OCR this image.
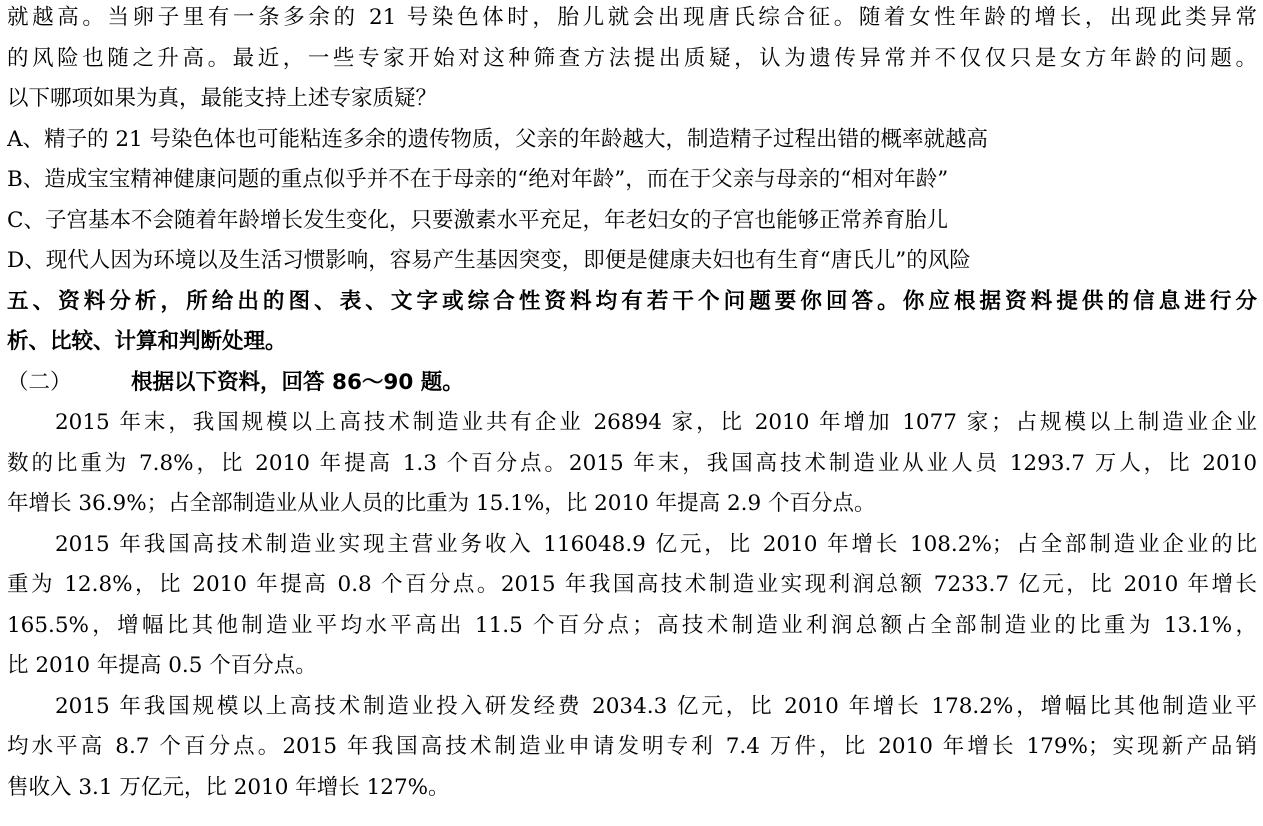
就越高。当卵子里有一条多余的 21 号染色体时，胎儿就会出现唐氏综合征。随着女性年龄的增长，出现此类异常
的风险也随之升高。最近，一些专家开始对这种筛查方法提出质疑，认为遗传异常并不仅仅只是女方年龄的问题。
以下哪项如果为真，最能支持上述专家质疑？
A、精子的 21 号染色体也可能粘连多余的遗传物质，父亲的年龄越大，制造精子过程出错的概率就越高
B、造成宝宝精神健康问题的重点似乎并不在于母亲的“绝对年龄”，而在于父亲与母亲的“相对年龄”
C、子宫基本不会随着年龄增长发生变化，只要激素水平充足，年老妇女的子宫也能够正常养育胎儿
D、现代人因为环境以及生活习惯影响，容易产生基因突变，即便是健康夫妇也有生育“唐氏儿”的风险
五、资料分析，所给出的图、表、文字或综合性资料均有若干个问题要你回答。你应根据资料提供的信息进行分
析、比较、计算和判断处理。
（二）	根据以下资料，回答 86～90 题。
2015 年末，我国规模以上高技术制造业共有企业 26894 家，比 2010 年增加 1077 家；占规模以上制造业企业
数的比重为 7.8%，比 2010 年提高 1.3 个百分点。2015 年末，我国高技术制造业从业人员 1293.7 万人，比 2010
年增长 36.9%；占全部制造业从业人员的比重为 15.1%，比 2010 年提高 2.9 个百分点。
2015 年我国高技术制造业实现主营业务收入 116048.9 亿元，比 2010 年增长 108.2%；占全部制造业企业的比
重为 12.8%，比 2010 年提高 0.8 个百分点。2015 年我国高技术制造业实现利润总额 7233.7 亿元，比 2010 年增长
165.5%，增幅比其他制造业平均水平高出 11.5 个百分点；高技术制造业利润总额占全部制造业的比重为 13.1%，
比 2010 年提高 0.5 个百分点。
2015 年我国规模以上高技术制造业投入研发经费 2034.3 亿元，比 2010 年增长 178.2%，增幅比其他制造业平
均水平高 8.7 个百分点。2015 年我国高技术制造业申请发明专利 7.4 万件，比 2010 年增长 179%；实现新产品销
售收入 3.1 万亿元，比 2010 年增长 127%。
